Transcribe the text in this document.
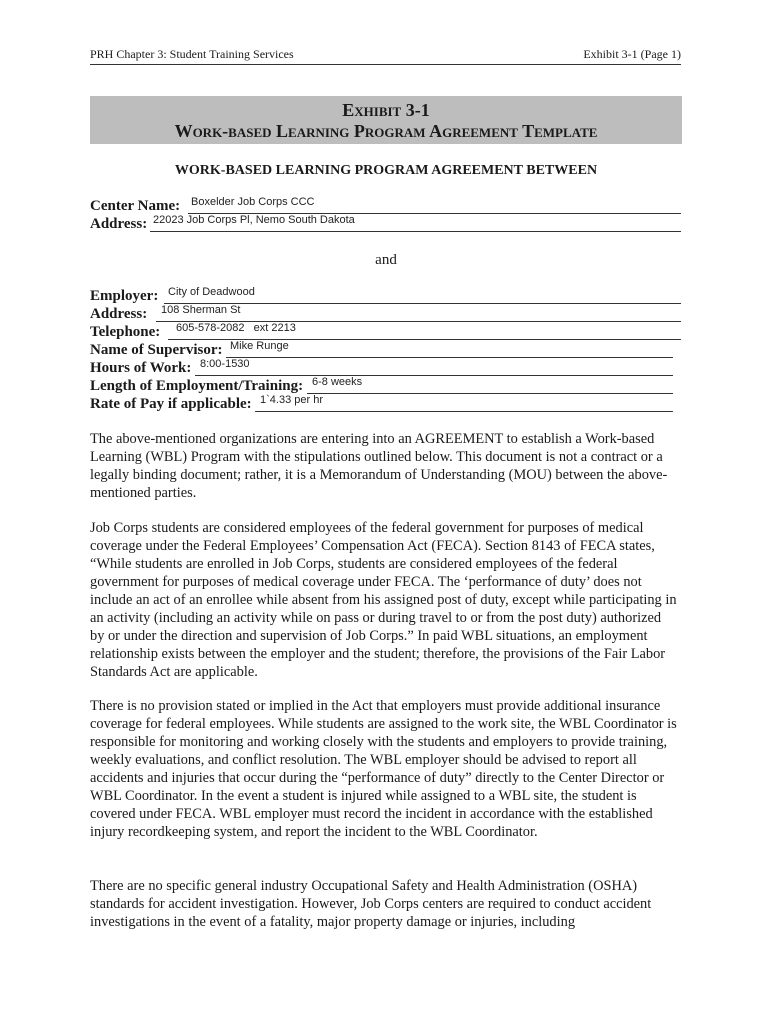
PRH Chapter 3: Student Training Services	Exhibit 3-1 (Page 1)
Exhibit 3-1
Work-based Learning Program Agreement Template
WORK-BASED LEARNING PROGRAM AGREEMENT BETWEEN
Center Name: Boxelder Job Corps CCC
Address: 22023 Job Corps Pl, Nemo South Dakota
and
Employer: City of Deadwood
Address: 108 Sherman St
Telephone: 605-578-2082   ext 2213
Name of Supervisor: Mike Runge
Hours of Work: 8:00-1530
Length of Employment/Training: 6-8 weeks
Rate of Pay if applicable: 1`4.33 per hr

The above-mentioned organizations are entering into an AGREEMENT to establish a Work-based Learning (WBL) Program with the stipulations outlined below. This document is not a contract or a legally binding document; rather, it is a Memorandum of Understanding (MOU) between the above-mentioned parties.

Job Corps students are considered employees of the federal government for purposes of medical coverage under the Federal Employees’ Compensation Act (FECA). Section 8143 of FECA states, “While students are enrolled in Job Corps, students are considered employees of the federal government for purposes of medical coverage under FECA. The ‘performance of duty’ does not include an act of an enrollee while absent from his assigned post of duty, except while participating in an activity (including an activity while on pass or during travel to or from the post duty) authorized by or under the direction and supervision of Job Corps.” In paid WBL situations, an employment relationship exists between the employer and the student; therefore, the provisions of the Fair Labor Standards Act are applicable.

There is no provision stated or implied in the Act that employers must provide additional insurance coverage for federal employees. While students are assigned to the work site, the WBL Coordinator is responsible for monitoring and working closely with the students and employers to provide training, weekly evaluations, and conflict resolution. The WBL employer should be advised to report all accidents and injuries that occur during the “performance of duty” directly to the Center Director or WBL Coordinator. In the event a student is injured while assigned to a WBL site, the student is covered under FECA. WBL employer must record the incident in accordance with the established injury recordkeeping system, and report the incident to the WBL Coordinator.

There are no specific general industry Occupational Safety and Health Administration (OSHA) standards for accident investigation. However, Job Corps centers are required to conduct accident investigations in the event of a fatality, major property damage or injuries, including
